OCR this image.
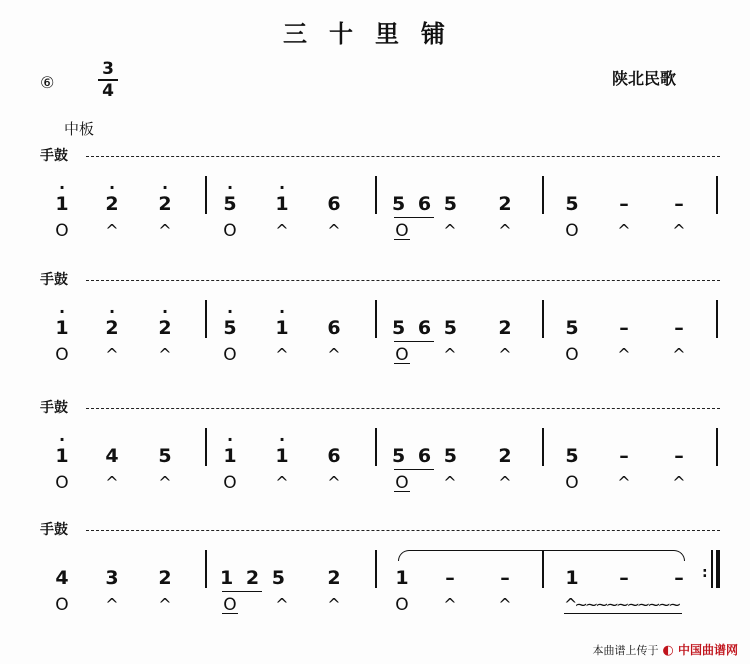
三十里铺
⑥
3
4
陕北民歌
中板
手鼓
1
·
2
·
2
·
O ^ ^
5
·
1
·
6
O ^ ^
5 6 5 2
O ^	^
5 – –
O ^	^
手鼓
1
·
2
·
2
·
O ^ ^
5
·
1
·
6
O ^ ^
5 6 5 2
O ^	^
5 – –
O ^	^
手鼓
1
·
4 5
O ^ ^
1
·
1
·
6
O ^ ^
5 6 5 2
O ^	^
5 – –
O ^	^
手鼓
:
4 3 2
O ^ ^
1 2 5 2
O ^ ^
1 – –
O ^	^
1 – –
^~~~~~~~~~~
本曲谱上传于 ◐ 中国曲谱网
